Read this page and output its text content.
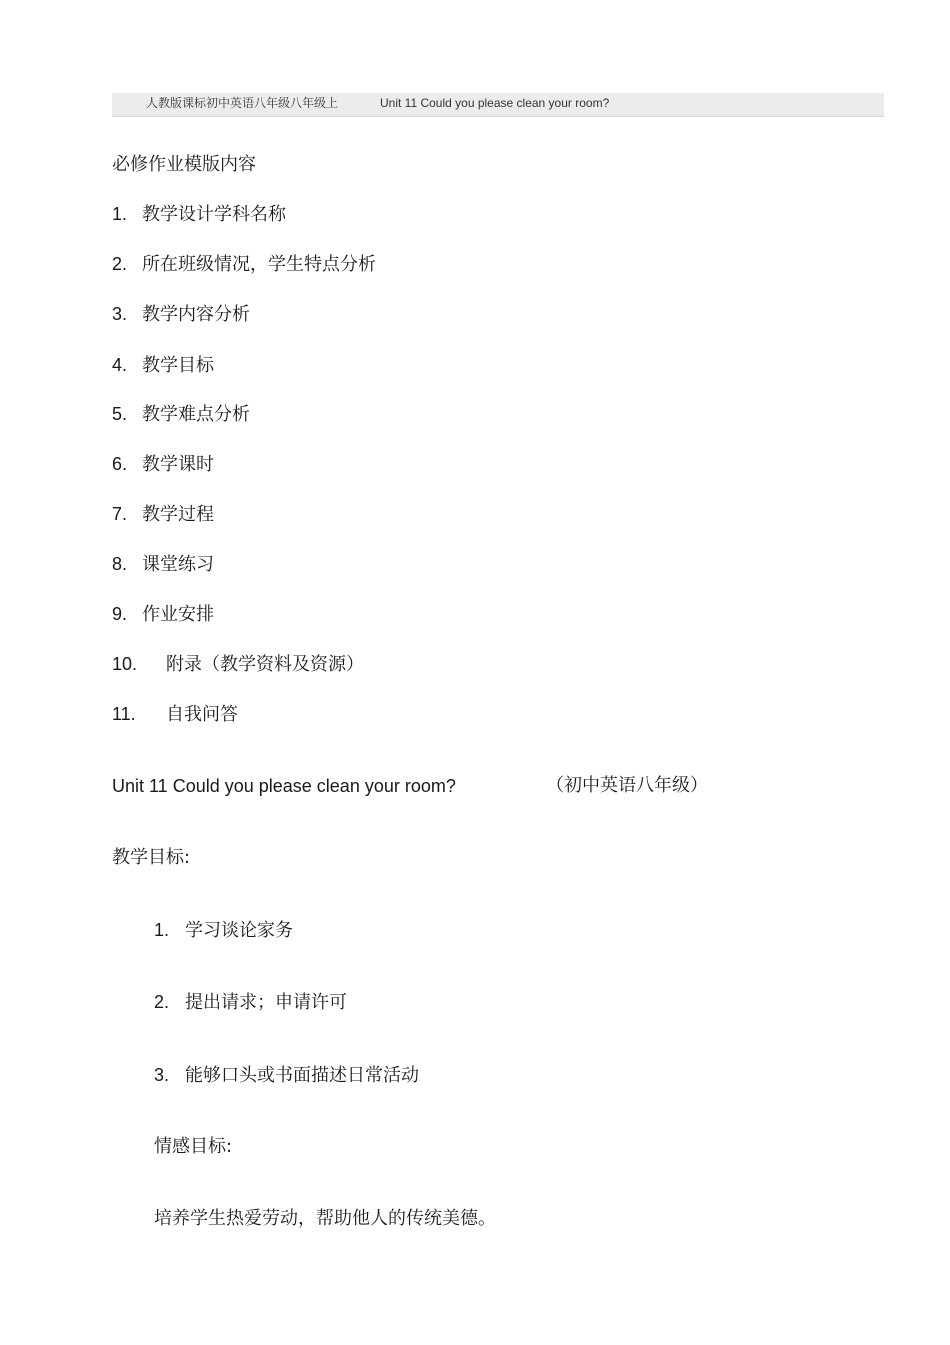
人教版课标初中英语八年级八年级上	Unit 11 Could you please clean your room?
必修作业模版内容
1. 教学设计学科名称
2. 所在班级情况，学生特点分析
3. 教学内容分析
4. 教学目标
5. 教学难点分析
6. 教学课时
7. 教学过程
8. 课堂练习
9. 作业安排
10. 附录（教学资料及资源）
11. 自我问答
Unit 11 Could you please clean your room?	（初中英语八年级）
教学目标:
1. 学习谈论家务
2. 提出请求；申请许可
3. 能够口头或书面描述日常活动
情感目标:
培养学生热爱劳动，帮助他人的传统美德。
